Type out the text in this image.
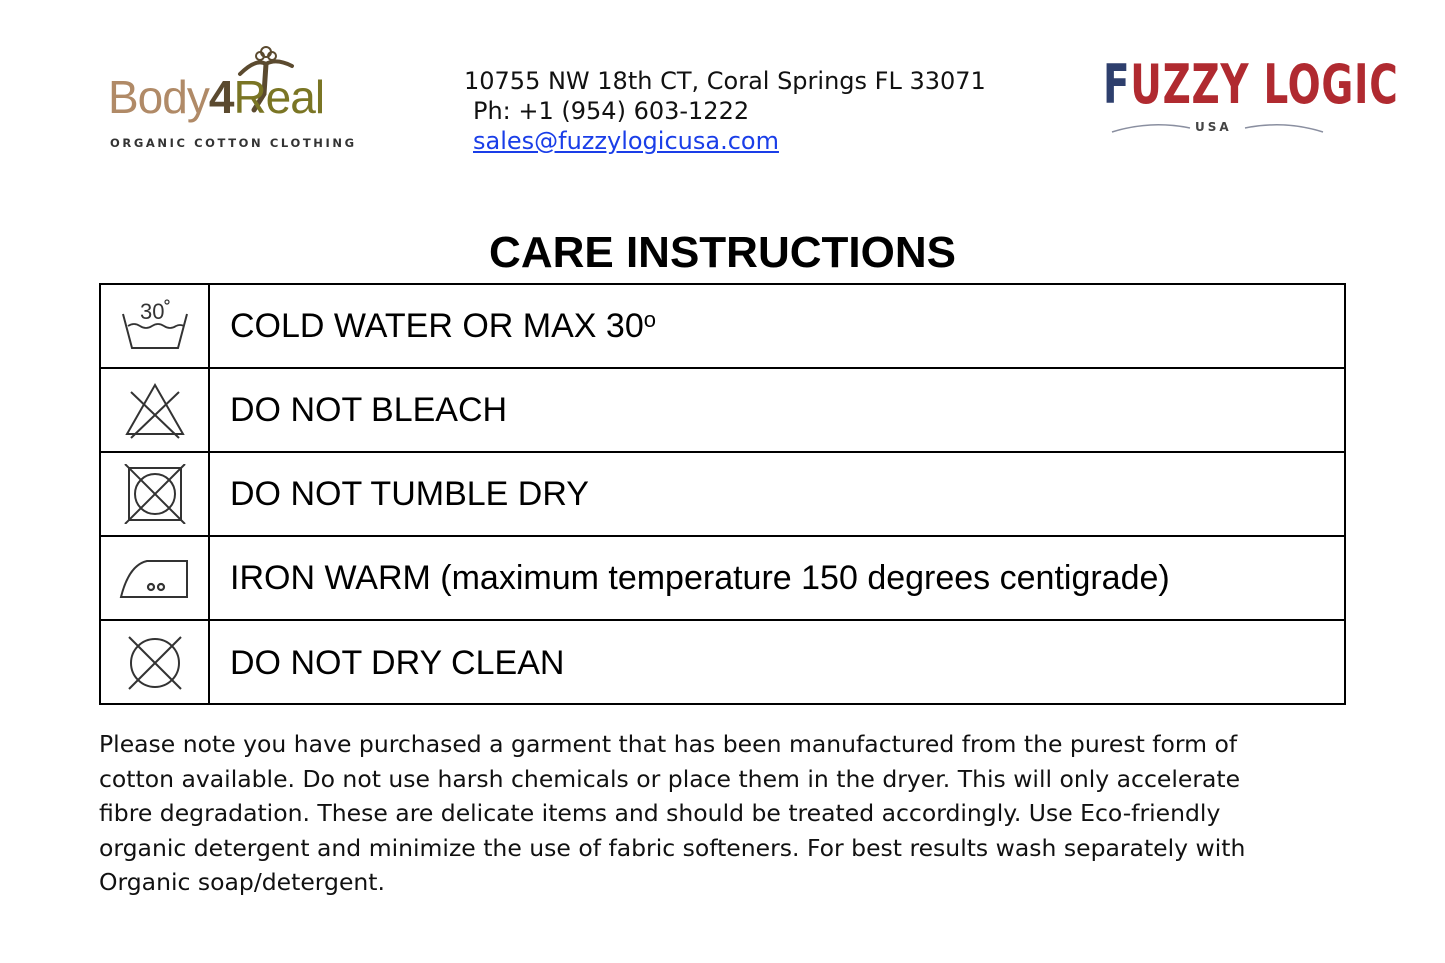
Body4Real
ORGANIC COTTON CLOTHING
10755 NW 18th CT, Coral Springs FL 33071
Ph: +1 (954) 603-1222
sales@fuzzylogicusa.com
FUZZY LOGIC
USA
CARE INSTRUCTIONS
30 COLD WATER OR MAX 30$^o$
DO NOT BLEACH
DO NOT TUMBLE DRY
IRON WARM (maximum temperature 150 degrees centigrade)
DO NOT DRY CLEAN
Please note you have purchased a garment that has been manufactured from the purest form of cotton available. Do not use harsh chemicals or place them in the dryer. This will only accelerate fibre degradation. These are delicate items and should be treated accordingly. Use Eco-friendly organic detergent and minimize the use of fabric softeners. For best results wash separately with Organic soap/detergent.
